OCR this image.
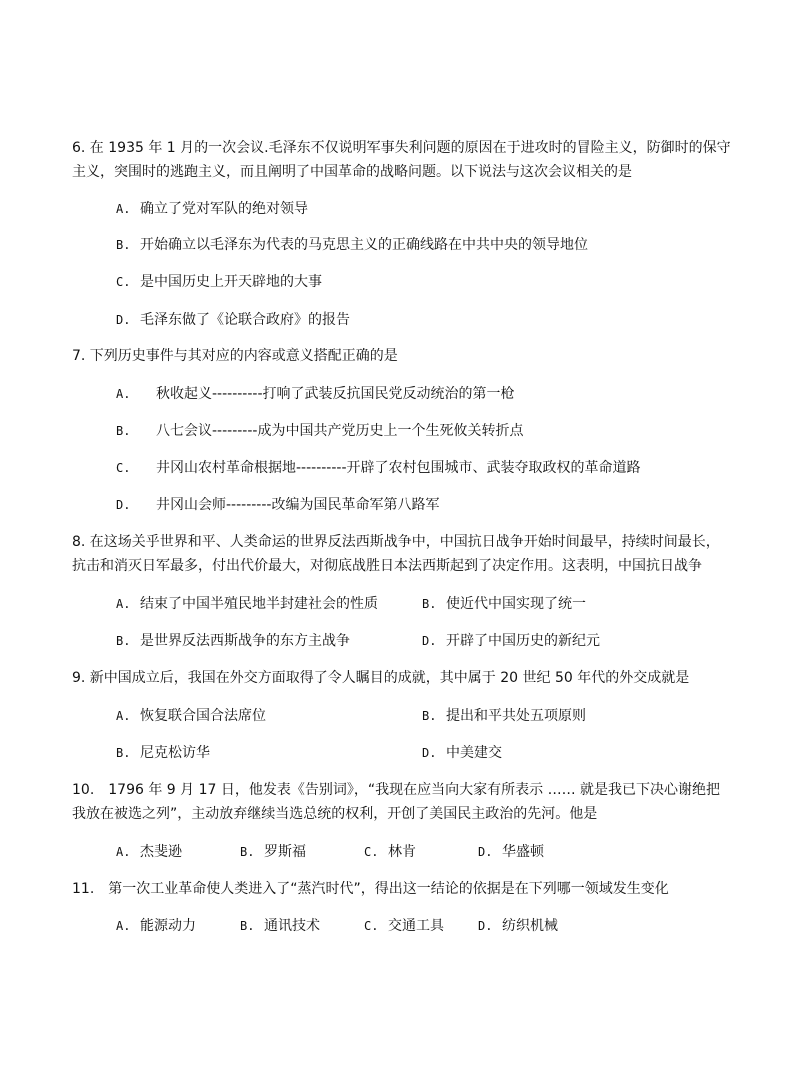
6. 在 1935 年 1 月的一次会议.毛泽东不仅说明军事失利问题的原因在于进攻时的冒险主义，防御时的保守
主义，突围时的逃跑主义，而且阐明了中国革命的战略问题。以下说法与这次会议相关的是
A. 确立了党对军队的绝对领导
B. 开始确立以毛泽东为代表的马克思主义的正确线路在中共中央的领导地位
C. 是中国历史上开天辟地的大事
D. 毛泽东做了《论联合政府》的报告
7. 下列历史事件与其对应的内容或意义搭配正确的是
A. 秋收起义----------打响了武装反抗国民党反动统治的第一枪
B. 八七会议---------成为中国共产党历史上一个生死攸关转折点
C. 井冈山农村革命根据地----------开辟了农村包围城市、武装夺取政权的革命道路
D. 井冈山会师---------改编为国民革命军第八路军
8. 在这场关乎世界和平、人类命运的世界反法西斯战争中，中国抗日战争开始时间最早，持续时间最长，
抗击和消灭日军最多，付出代价最大，对彻底战胜日本法西斯起到了决定作用。这表明，中国抗日战争
A. 结束了中国半殖民地半封建社会的性质	B. 使近代中国实现了统一
B. 是世界反法西斯战争的东方主战争	D. 开辟了中国历史的新纪元
9. 新中国成立后，我国在外交方面取得了令人瞩目的成就，其中属于 20 世纪 50 年代的外交成就是
A. 恢复联合国合法席位	B. 提出和平共处五项原则
B. 尼克松访华	D. 中美建交
10.　1796 年 9 月 17 日，他发表《告别词》，“我现在应当向大家有所表示 …… 就是我已下决心谢绝把
我放在被选之列”，主动放弃继续当选总统的权利，开创了美国民主政治的先河。他是
A. 杰斐逊	B. 罗斯福	C. 林肯	D. 华盛顿
11.　第一次工业革命使人类进入了“蒸汽时代”，得出这一结论的依据是在下列哪一领域发生变化
A. 能源动力	B. 通讯技术	C. 交通工具	D. 纺织机械
